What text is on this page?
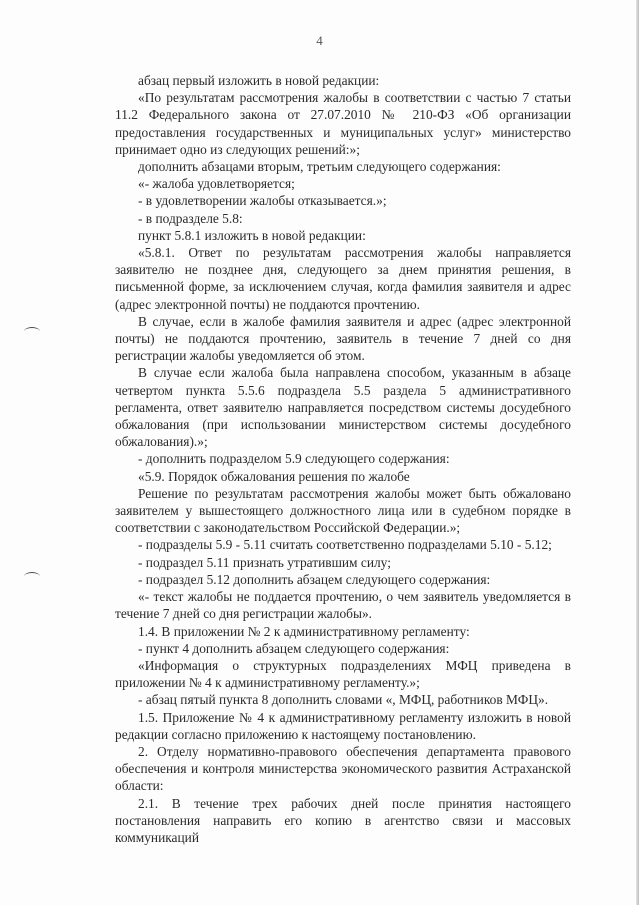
4

абзац первый изложить в новой редакции:

«По результатам рассмотрения жалобы в соответствии с частью 7 статьи 11.2 Федерального закона от 27.07.2010 № 210-ФЗ «Об организации предоставления государственных и муниципальных услуг» министерство принимает одно из следующих решений:»;

дополнить абзацами вторым, третьим следующего содержания:

«- жалоба удовлетворяется;

- в удовлетворении жалобы отказывается.»;

- в подразделе 5.8:

пункт 5.8.1 изложить в новой редакции:

«5.8.1. Ответ по результатам рассмотрения жалобы направляется заявителю не позднее дня, следующего за днем принятия решения, в письменной форме, за исключением случая, когда фамилия заявителя и адрес (адрес электронной почты) не поддаются прочтению.

В случае, если в жалобе фамилия заявителя и адрес (адрес электронной почты) не поддаются прочтению, заявитель в течение 7 дней со дня регистрации жалобы уведомляется об этом.

В случае если жалоба была направлена способом, указанным в абзаце четвертом пункта 5.5.6 подраздела 5.5 раздела 5 административного регламента, ответ заявителю направляется посредством системы досудебного обжалования (при использовании министерством системы досудебного обжалования).»;

- дополнить подразделом 5.9 следующего содержания:

«5.9. Порядок обжалования решения по жалобе

Решение по результатам рассмотрения жалобы может быть обжаловано заявителем у вышестоящего должностного лица или в судебном порядке в соответствии с законодательством Российской Федерации.»;

- подразделы 5.9 - 5.11 считать соответственно подразделами 5.10 - 5.12;

- подраздел 5.11 признать утратившим силу;

- подраздел 5.12 дополнить абзацем следующего содержания:

«- текст жалобы не поддается прочтению, о чем заявитель уведомляется в течение 7 дней со дня регистрации жалобы».

1.4. В приложении № 2 к административному регламенту:

- пункт 4 дополнить абзацем следующего содержания:

«Информация о структурных подразделениях МФЦ приведена в приложении № 4 к административному регламенту.»;

- абзац пятый пункта 8 дополнить словами «, МФЦ, работников МФЦ».

1.5. Приложение № 4 к административному регламенту изложить в новой редакции согласно приложению к настоящему постановлению.

2. Отделу нормативно-правового обеспечения департамента правового обеспечения и контроля министерства экономического развития Астраханской области:

2.1. В течение трех рабочих дней после принятия настоящего постановления направить его копию в агентство связи и массовых коммуникаций
